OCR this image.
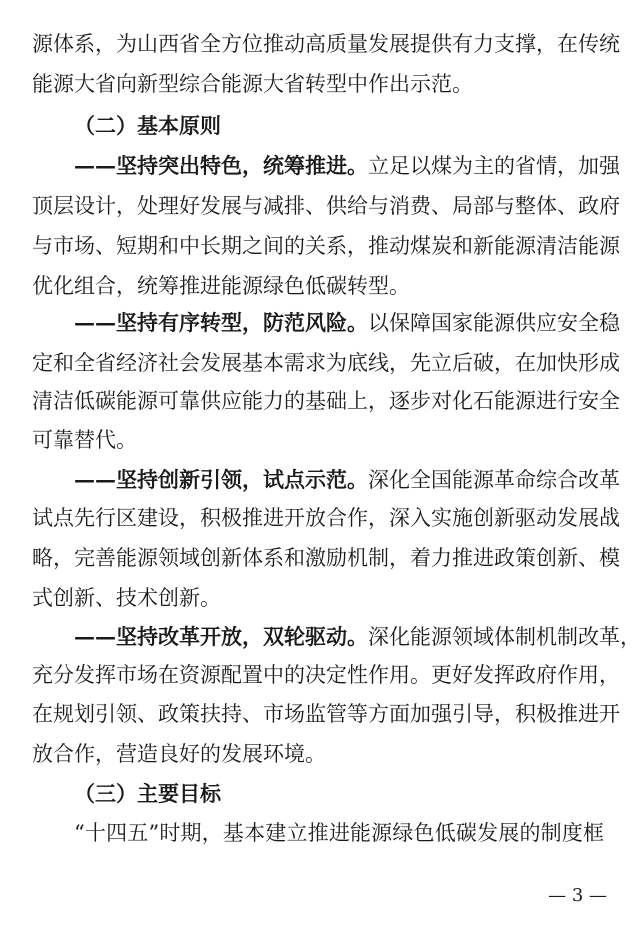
源体系，为山西省全方位推动高质量发展提供有力支撑，在传统
能源大省向新型综合能源大省转型中作出示范。
（二）基本原则
——坚持突出特色，统筹推进。立足以煤为主的省情，加强
顶层设计，处理好发展与减排、供给与消费、局部与整体、政府
与市场、短期和中长期之间的关系，推动煤炭和新能源清洁能源
优化组合，统筹推进能源绿色低碳转型。
——坚持有序转型，防范风险。以保障国家能源供应安全稳
定和全省经济社会发展基本需求为底线，先立后破，在加快形成
清洁低碳能源可靠供应能力的基础上，逐步对化石能源进行安全
可靠替代。
——坚持创新引领，试点示范。深化全国能源革命综合改革
试点先行区建设，积极推进开放合作，深入实施创新驱动发展战
略，完善能源领域创新体系和激励机制，着力推进政策创新、模
式创新、技术创新。
——坚持改革开放，双轮驱动。深化能源领域体制机制改革，
充分发挥市场在资源配置中的决定性作用。更好发挥政府作用，
在规划引领、政策扶持、市场监管等方面加强引导，积极推进开
放合作，营造良好的发展环境。
（三）主要目标
“十四五”时期，基本建立推进能源绿色低碳发展的制度框
— 3 —
